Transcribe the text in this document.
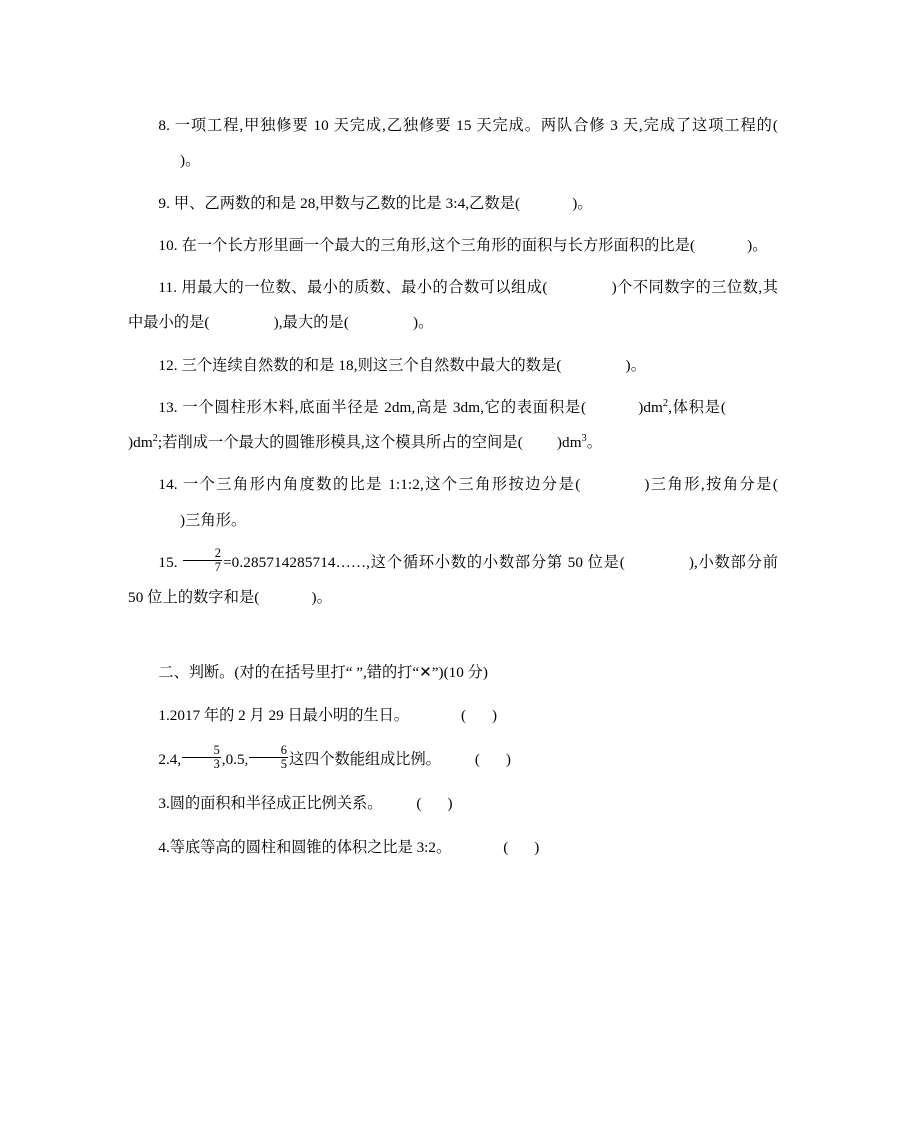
8. 一项工程,甲独修要 10 天完成,乙独修要 15 天完成。两队合修 3 天,完成了这项工程的()。

9. 甲、乙两数的和是 28,甲数与乙数的比是 3:4,乙数是(	)。

10. 在一个长方形里画一个最大的三角形,这个三角形的面积与长方形面积的比是(	)。

11. 用最大的一位数、最小的质数、最小的合数可以组成(	)个不同数字的三位数,其中最小的是(	),最大的是(	)。

12. 三个连续自然数的和是 18,则这三个自然数中最大的数是(	)。

13. 一个圆柱形木料,底面半径是 2dm,高是 3dm,它的表面积是(	)$dm^2$,体积是$()dm^2$;若削成一个最大的圆锥形模具,这个模具所占的空间是( )$dm^3$。

14. 一个三角形内角度数的比是 1:1:2,这个三角形按边分是(	)三角形,按角分是()三角形。

15. $\frac{2}{7}$ =0.285714285714……,这个循环小数的小数部分第 50 位是(	),小数部分前 50 位上的数字和是(	)。

二、判断。(对的在括号里打“ ”,错的打“✕”)(10 分)

1.2017 年的 2 月 29 日最小明的生日。	( )

2.4, $\frac{5}{3} ,0.5$, $\frac{6}{5}$ 这四个数能组成比例。 ( )

3.圆的面积和半径成正比例关系。 ( )

4.等底等高的圆柱和圆锥的体积之比是 3:2。	( )
